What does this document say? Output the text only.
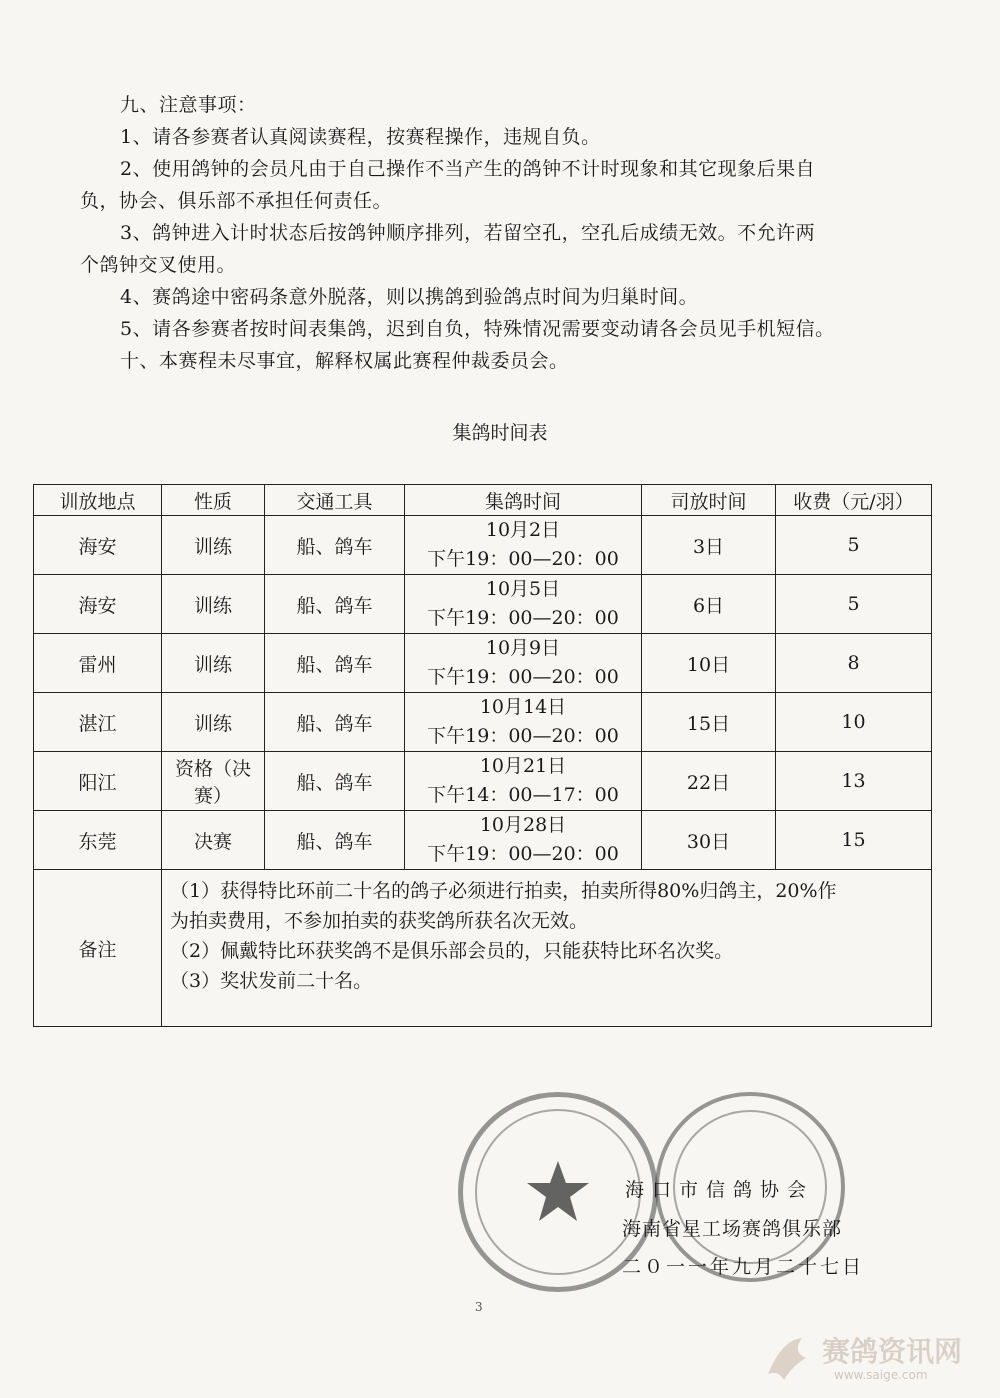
九、注意事项：
1、请各参赛者认真阅读赛程，按赛程操作，违规自负。
2、使用鸽钟的会员凡由于自己操作不当产生的鸽钟不计时现象和其它现象后果自
负，协会、俱乐部不承担任何责任。
3、鸽钟进入计时状态后按鸽钟顺序排列，若留空孔，空孔后成绩无效。不允许两
个鸽钟交叉使用。
4、赛鸽途中密码条意外脱落，则以携鸽到验鸽点时间为归巢时间。
5、请各参赛者按时间表集鸽，迟到自负，特殊情况需要变动请各会员见手机短信。
十、本赛程未尽事宜，解释权属此赛程仲裁委员会。
集鸽时间表
训放地点	性质	交通工具	集鸽时间	司放时间	收费（元/羽）
海安	训练	船、鸽车	10月2日
下午19：00—20：00	3日	5
海安	训练	船、鸽车	10月5日
下午19：00—20：00	6日	5
雷州	训练	船、鸽车	10月9日
下午19：00—20：00	10日	8
湛江	训练	船、鸽车	10月14日
下午19：00—20：00	15日	10
阳江	资格（决赛）	船、鸽车	10月21日
下午14：00—17：00	22日	13
东莞	决赛	船、鸽车	10月28日
下午19：00—20：00	30日	15
备注	（1）获得特比环前二十名的鸽子必须进行拍卖，拍卖所得80%归鸽主，20%作
为拍卖费用，不参加拍卖的获奖鸽所获名次无效。
（2）佩戴特比环获奖鸽不是俱乐部会员的，只能获特比环名次奖。
（3）奖状发前二十名。				
海口市信鸽协会
海南省星工场赛鸽俱乐部
二０一一年九月二十七日
3
赛鸽资讯网
www.saige.com
